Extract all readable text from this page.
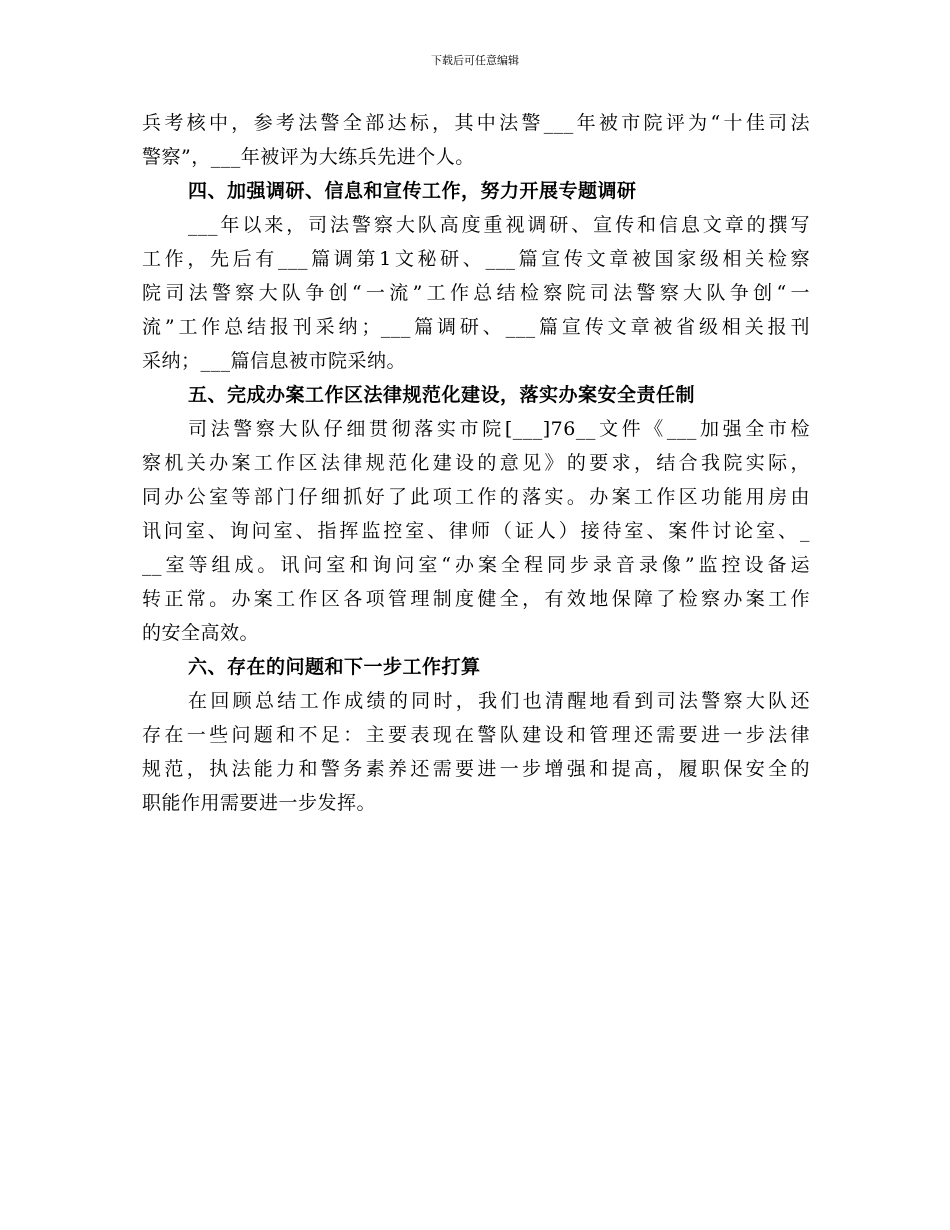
下载后可任意编辑
兵考核中，参考法警全部达标，其中法警___年被市院评为“十佳司法
警察”，___年被评为大练兵先进个人。
四、加强调研、信息和宣传工作，努力开展专题调研
___年以来，司法警察大队高度重视调研、宣传和信息文章的撰写
工作，先后有___篇调第1文秘研、___篇宣传文章被国家级相关检察
院司法警察大队争创“一流”工作总结检察院司法警察大队争创“一
流”工作总结报刊采纳；___篇调研、___篇宣传文章被省级相关报刊
采纳；___篇信息被市院采纳。
五、完成办案工作区法律规范化建设，落实办案安全责任制
司法警察大队仔细贯彻落实市院[___]76__文件《___加强全市检
察机关办案工作区法律规范化建设的意见》的要求，结合我院实际，
同办公室等部门仔细抓好了此项工作的落实。办案工作区功能用房由
讯问室、询问室、指挥监控室、律师（证人）接待室、案件讨论室、_
__室等组成。讯问室和询问室“办案全程同步录音录像”监控设备运
转正常。办案工作区各项管理制度健全，有效地保障了检察办案工作
的安全高效。
六、存在的问题和下一步工作打算
在回顾总结工作成绩的同时，我们也清醒地看到司法警察大队还
存在一些问题和不足：主要表现在警队建设和管理还需要进一步法律
规范，执法能力和警务素养还需要进一步增强和提高，履职保安全的
职能作用需要进一步发挥。
